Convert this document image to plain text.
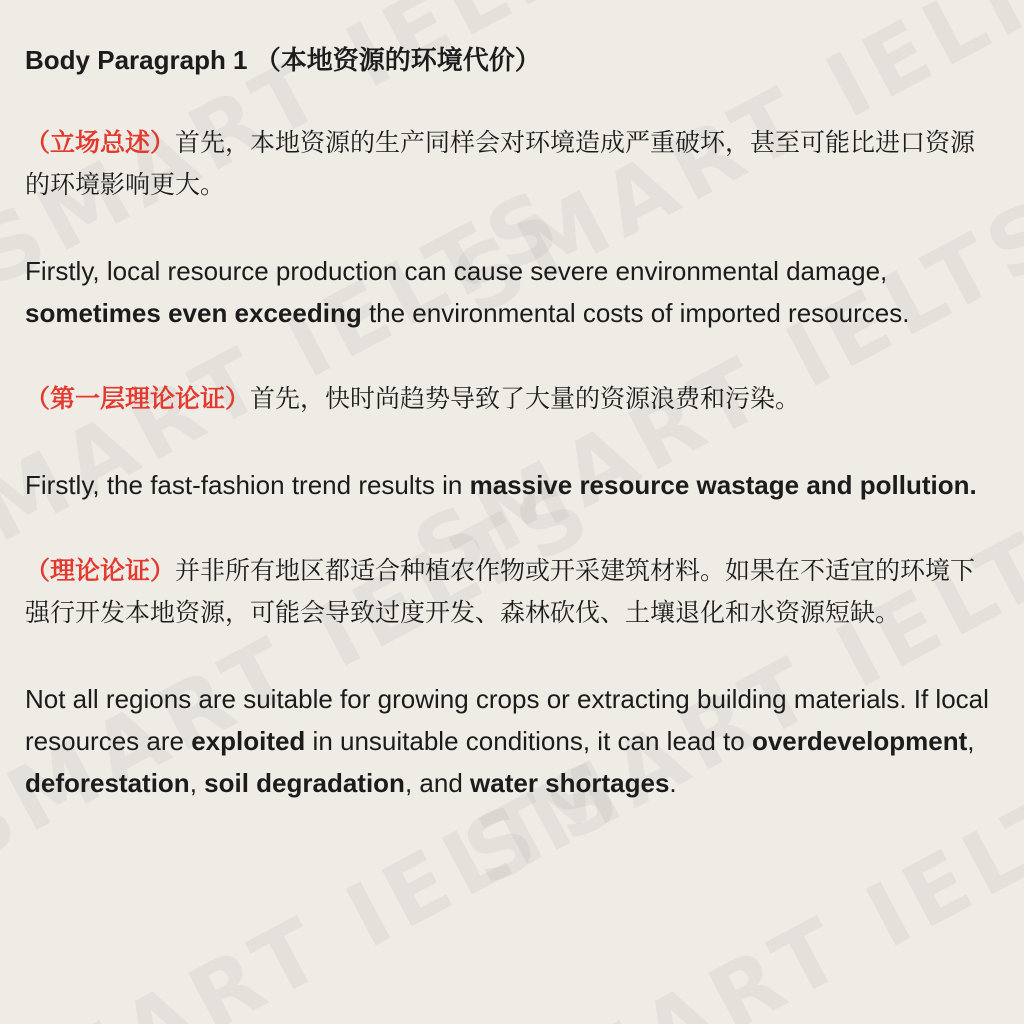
Body Paragraph 1 （本地资源的环境代价）

（立场总述）首先，本地资源的生产同样会对环境造成严重破坏，甚至可能比进口资源的环境影响更大。

Firstly, local resource production can cause severe environmental damage, sometimes even exceeding the environmental costs of imported resources.

（第一层理论论证）首先，快时尚趋势导致了大量的资源浪费和污染。

Firstly, the fast-fashion trend results in massive resource wastage and pollution.

（理论论证）并非所有地区都适合种植农作物或开采建筑材料。如果在不适宜的环境下强行开发本地资源，可能会导致过度开发、森林砍伐、土壤退化和水资源短缺。

Not all regions are suitable for growing crops or extracting building materials. If local resources are exploited in unsuitable conditions, it can lead to overdevelopment, deforestation, soil degradation, and water shortages.
